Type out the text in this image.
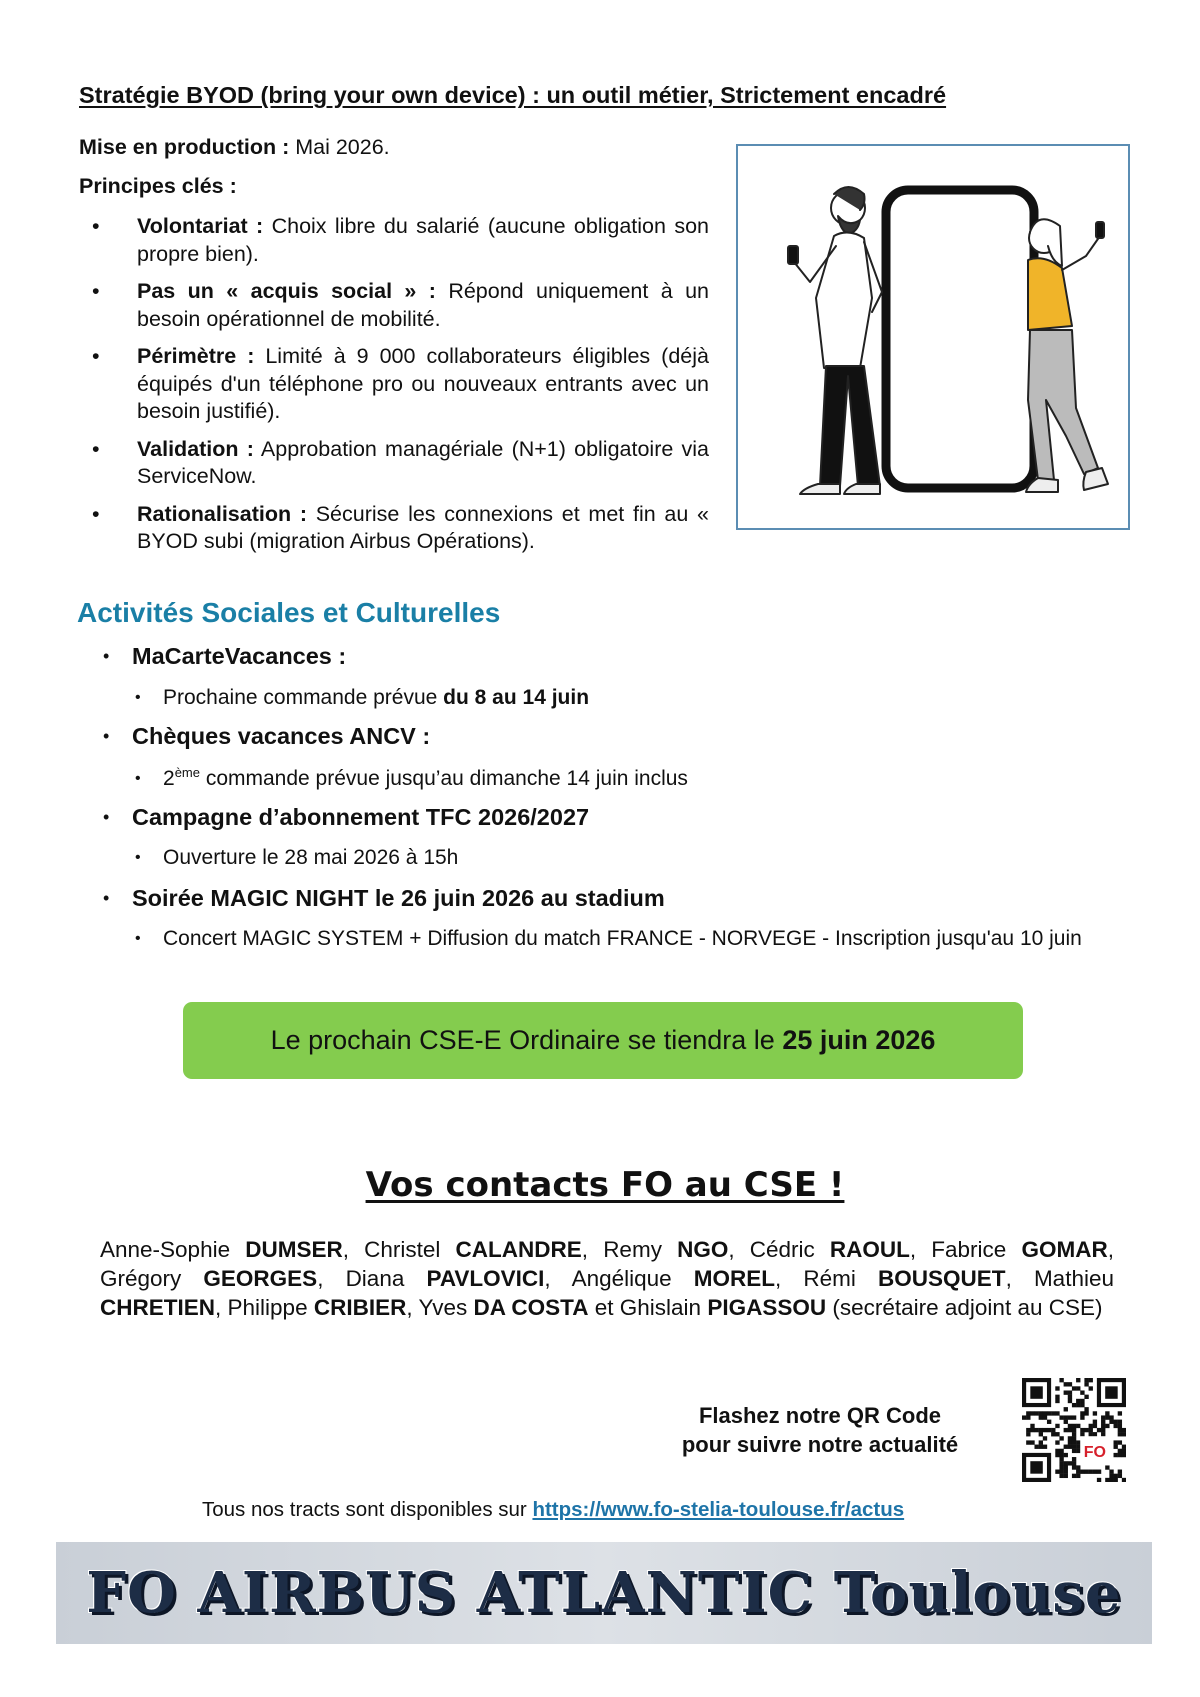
Stratégie BYOD (bring your own device) : un outil métier, Strictement encadré
Mise en production : Mai 2026.
Principes clés :
• Volontariat : Choix libre du salarié (aucune obligation son propre bien).
• Pas un « acquis social » : Répond uniquement à un besoin opérationnel de mobilité.
• Périmètre : Limité à 9 000 collaborateurs éligibles (déjà équipés d'un téléphone pro ou nouveaux entrants avec un besoin justifié).
• Validation : Approbation managériale (N+1) obligatoire via ServiceNow.
• Rationalisation : Sécurise les connexions et met fin au « BYOD subi (migration Airbus Opérations).
Activités Sociales et Culturelles
• MaCarteVacances :
• Prochaine commande prévue du 8 au 14 juin
• Chèques vacances ANCV :
• 2ème commande prévue jusqu’au dimanche 14 juin inclus
• Campagne d’abonnement TFC 2026/2027
• Ouverture le 28 mai 2026 à 15h
• Soirée MAGIC NIGHT le 26 juin 2026 au stadium
• Concert MAGIC SYSTEM + Diffusion du match FRANCE - NORVEGE - Inscription jusqu'au 10 juin
Le prochain CSE-E Ordinaire se tiendra le
25 juin 2026
Vos contacts FO au CSE !

Anne-Sophie DUMSER, Christel CALANDRE, Remy NGO, Cédric RAOUL, Fabrice GOMAR, Grégory GEORGES, Diana PAVLOVICI, Angélique MOREL, Rémi BOUSQUET, Mathieu CHRETIEN, Philippe CRIBIER, Yves DA COSTA et Ghislain PIGASSOU (secrétaire adjoint au CSE)

Flashez notre QR Code
pour suivre notre actualité	FO
Tous nos tracts sont disponibles sur https://www.fo-stelia-toulouse.fr/actus
FO AIRBUS ATLANTIC Toulouse
